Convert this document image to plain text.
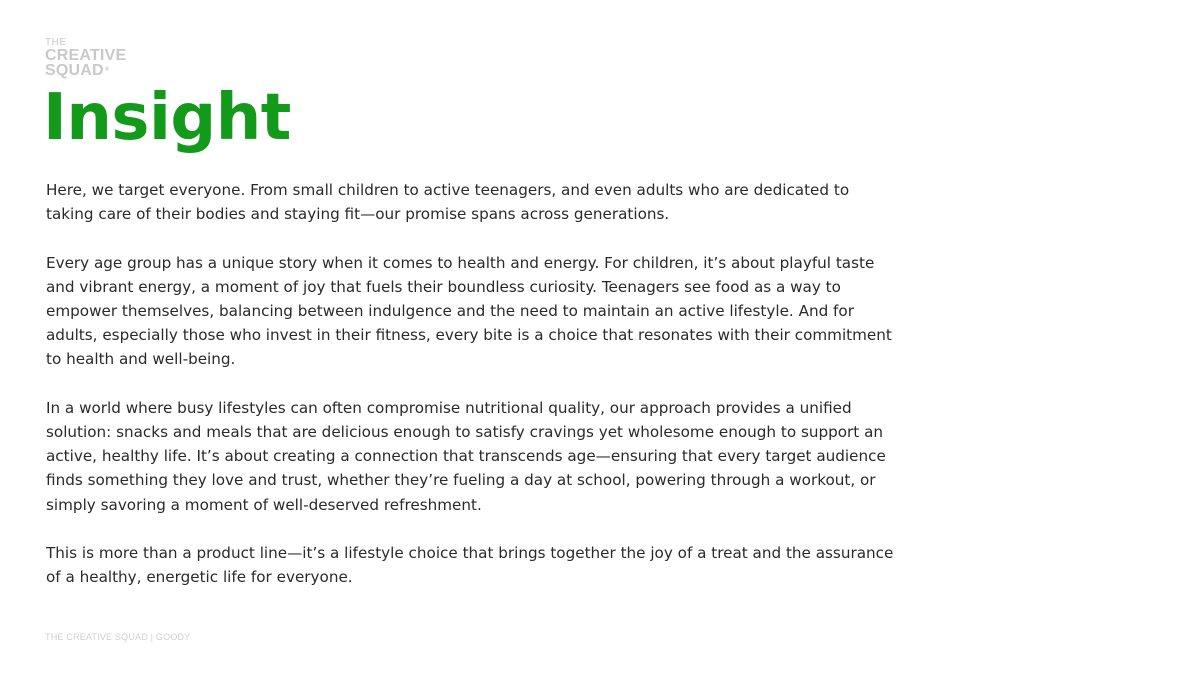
THE
CREATIVE
SQUAD®
Insight

Here, we target everyone. From small children to active teenagers, and even adults who are dedicated to taking care of their bodies and staying fit—our promise spans across generations.

Every age group has a unique story when it comes to health and energy. For children, it’s about playful taste and vibrant energy, a moment of joy that fuels their boundless curiosity. Teenagers see food as a way to empower themselves, balancing between indulgence and the need to maintain an active lifestyle. And for adults, especially those who invest in their fitness, every bite is a choice that resonates with their commitment to health and well-being.

In a world where busy lifestyles can often compromise nutritional quality, our approach provides a unified solution: snacks and meals that are delicious enough to satisfy cravings yet wholesome enough to support an active, healthy life. It’s about creating a connection that transcends age—ensuring that every target audience finds something they love and trust, whether they’re fueling a day at school, powering through a workout, or simply savoring a moment of well-deserved refreshment.

This is more than a product line—it’s a lifestyle choice that brings together the joy of a treat and the assurance of a healthy, energetic life for everyone.

THE CREATIVE SQUAD | GOODY
